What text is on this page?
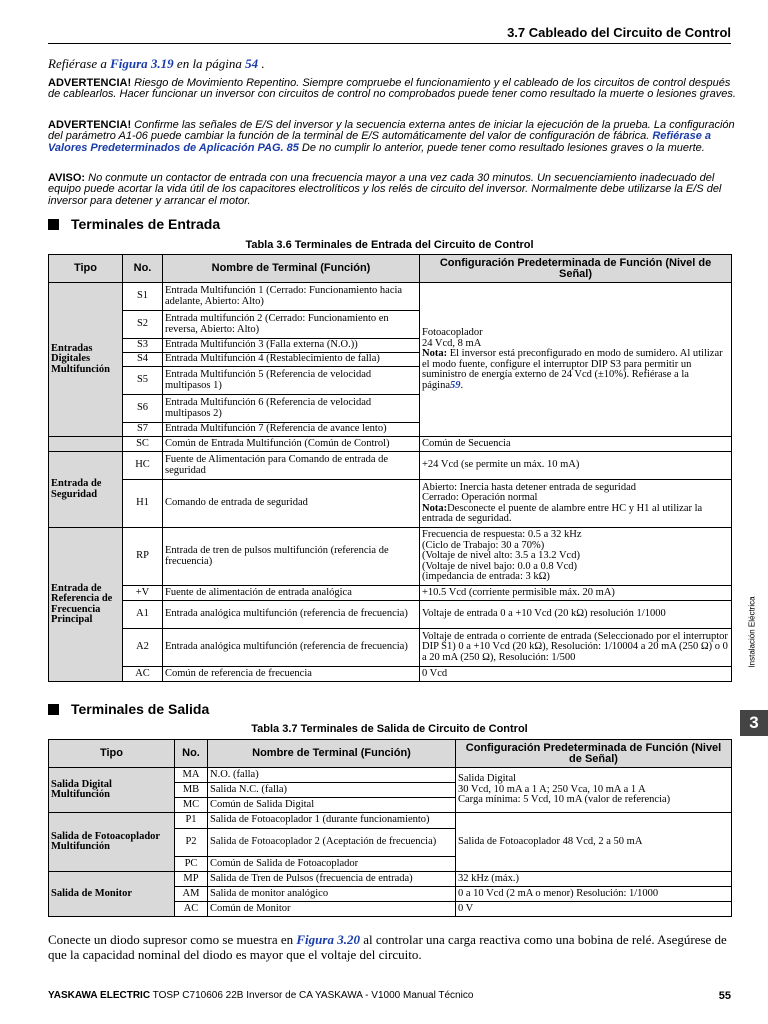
3.7 Cableado del Circuito de Control
Refiérase a Figura 3.19 en la página 54 .
ADVERTENCIA! Riesgo de Movimiento Repentino. Siempre compruebe el funcionamiento y el cableado de los circuitos de control después de cablearlos. Hacer funcionar un inversor con circuitos de control no comprobados puede tener como resultado la muerte o lesiones graves.
ADVERTENCIA! Confirme las señales de E/S del inversor y la secuencia externa antes de iniciar la ejecución de la prueba. La configuración del parámetro A1-06 puede cambiar la función de la terminal de E/S automáticamente del valor de configuración de fábrica. Refiérase a Valores Predeterminados de Aplicación PAG. 85 De no cumplir lo anterior, puede tener como resultado lesiones graves o la muerte.
AVISO: No conmute un contactor de entrada con una frecuencia mayor a una vez cada 30 minutos. Un secuenciamiento inadecuado del equipo puede acortar la vida útil de los capacitores electrolíticos y los relés de circuito del inversor. Normalmente debe utilizarse la E/S del inversor para detener y arrancar el motor.
Terminales de Entrada
Tabla 3.6 Terminales de Entrada del Circuito de Control
Tipo	No.	Nombre de Terminal (Función)	Configuración Predeterminada de Función (Nivel de Señal)
Entradas Digitales Multifunción	S1	Entrada Multifunción 1 (Cerrado: Funcionamiento hacia adelante, Abierto: Alto)	Fotoacoplador
24 Vcd, 8 mA
Nota: El inversor está preconfigurado en modo de sumidero. Al utilizar el modo fuente, configure el interruptor DIP S3 para permitir un suministro de energía externo de 24 Vcd (±10%). Refiérase a la página59.

	S2	Entrada multifunción 2 (Cerrado: Funcionamiento en reversa, Abierto: Alto)	
	S3	Entrada Multifunción 3 (Falla externa (N.O.))	
	S4	Entrada Multifunción 4 (Restablecimiento de falla)	
	S5	Entrada Multifunción 5 (Referencia de velocidad multipasos 1)	
	S6	Entrada Multifunción 6 (Referencia de velocidad multipasos 2)	
	S7	Entrada Multifunción 7 (Referencia de avance lento)	
	SC	Común de Entrada Multifunción (Común de Control)	Común de Secuencia
Entrada de Seguridad	HC	Fuente de Alimentación para Comando de entrada de seguridad	+24 Vcd (se permite un máx. 10 mA)
	H1	Comando de entrada de seguridad	Abierto: Inercia hasta detener entrada de seguridad
Cerrado: Operación normal
Nota:Desconecte el puente de alambre entre HC y H1 al utilizar la entrada de seguridad.

Entrada de Referencia de Frecuencia Principal	RP	Entrada de tren de pulsos multifunción (referencia de frecuencia)	Frecuencia de respuesta: 0.5 a 32 kHz
(Ciclo de Trabajo: 30 a 70%)
(Voltaje de nivel alto: 3.5 a 13.2 Vcd)
(Voltaje de nivel bajo: 0.0 a 0.8 Vcd)
(impedancia de entrada: 3 kΩ)

	+V	Fuente de alimentación de entrada analógica	+10.5 Vcd (corriente permisible máx. 20 mA)
	A1	Entrada analógica multifunción (referencia de frecuencia)	Voltaje de entrada 0 a +10 Vcd (20 kΩ) resolución 1/1000
	A2	Entrada analógica multifunción (referencia de frecuencia)	Voltaje de entrada o corriente de entrada (Seleccionado por el interruptor DIP S1) 0 a +10 Vcd (20 kΩ), Resolución: 1/10004 a 20 mA (250 Ω) o 0 a 20 mA (250 Ω), Resolución: 1/500
	AC	Común de referencia de frecuencia	0 Vcd
Terminales de Salida
Tabla 3.7 Terminales de Salida de Circuito de Control
Tipo	No.	Nombre de Terminal (Función)	Configuración Predeterminada de Función (Nivel de Señal)
Salida Digital Multifunción	MA	N.O. (falla)	Salida Digital
30 Vcd, 10 mA a 1 A; 250 Vca, 10 mA a 1 A
Carga mínima: 5 Vcd, 10 mA (valor de referencia)

	MB	Salida N.C. (falla)	
	MC	Común de Salida Digital	
Salida de Fotoacoplador Multifunción	P1	Salida de Fotoacoplador 1 (durante funcionamiento)	Salida de Fotoacoplador 48 Vcd, 2 a 50 mA
	P2	Salida de Fotoacoplador 2 (Aceptación de frecuencia)	
	PC	Común de Salida de Fotoacoplador	
Salida de Monitor	MP	Salida de Tren de Pulsos (frecuencia de entrada)	32 kHz (máx.)
	AM	Salida de monitor analógico	0 a 10 Vcd (2 mA o menor) Resolución: 1/1000
	AC	Común de Monitor	0 V
Conecte un diodo supresor como se muestra en Figura 3.20 al controlar una carga reactiva como una bobina de relé. Asegúrese de que la capacidad nominal del diodo es mayor que el voltaje del circuito.
YASKAWA ELECTRIC TOSP C710606 22B Inversor de CA YASKAWA - V1000 Manual Técnico	55
Instalación Eléctrica
3
